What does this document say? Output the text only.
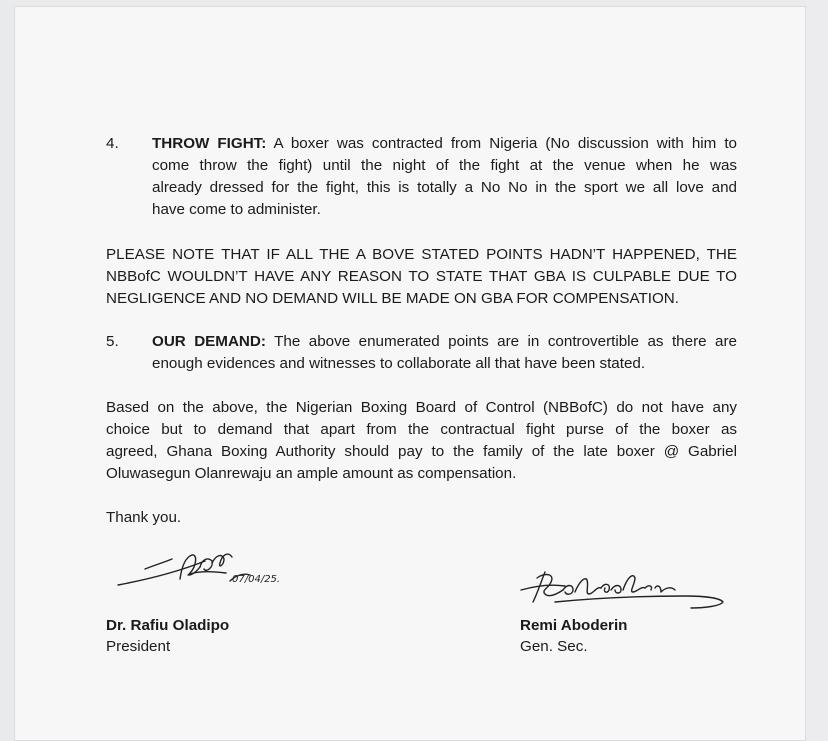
4. THROW FIGHT: A boxer was contracted from Nigeria (No discussion with him to
come throw the fight) until the night of the fight at the venue when he was
already dressed for the fight, this is totally a No No in the sport we all love and
have come to administer.
PLEASE NOTE THAT IF ALL THE A BOVE STATED POINTS HADN’T HAPPENED, THE
NBBofC WOULDN’T HAVE ANY REASON TO STATE THAT GBA IS CULPABLE DUE TO
NEGLIGENCE AND NO DEMAND WILL BE MADE ON GBA FOR COMPENSATION.
5. OUR DEMAND: The above enumerated points are in controvertible as there are
enough evidences and witnesses to collaborate all that have been stated.
Based on the above, the Nigerian Boxing Board of Control (NBBofC) do not have any
choice but to demand that apart from the contractual fight purse of the boxer as
agreed, Ghana Boxing Authority should pay to the family of the late boxer @ Gabriel
Oluwasegun Olanrewaju an ample amount as compensation.
Thank you.
07/04/25.
Dr. Rafiu Oladipo
President
Remi Aboderin
Gen. Sec.
